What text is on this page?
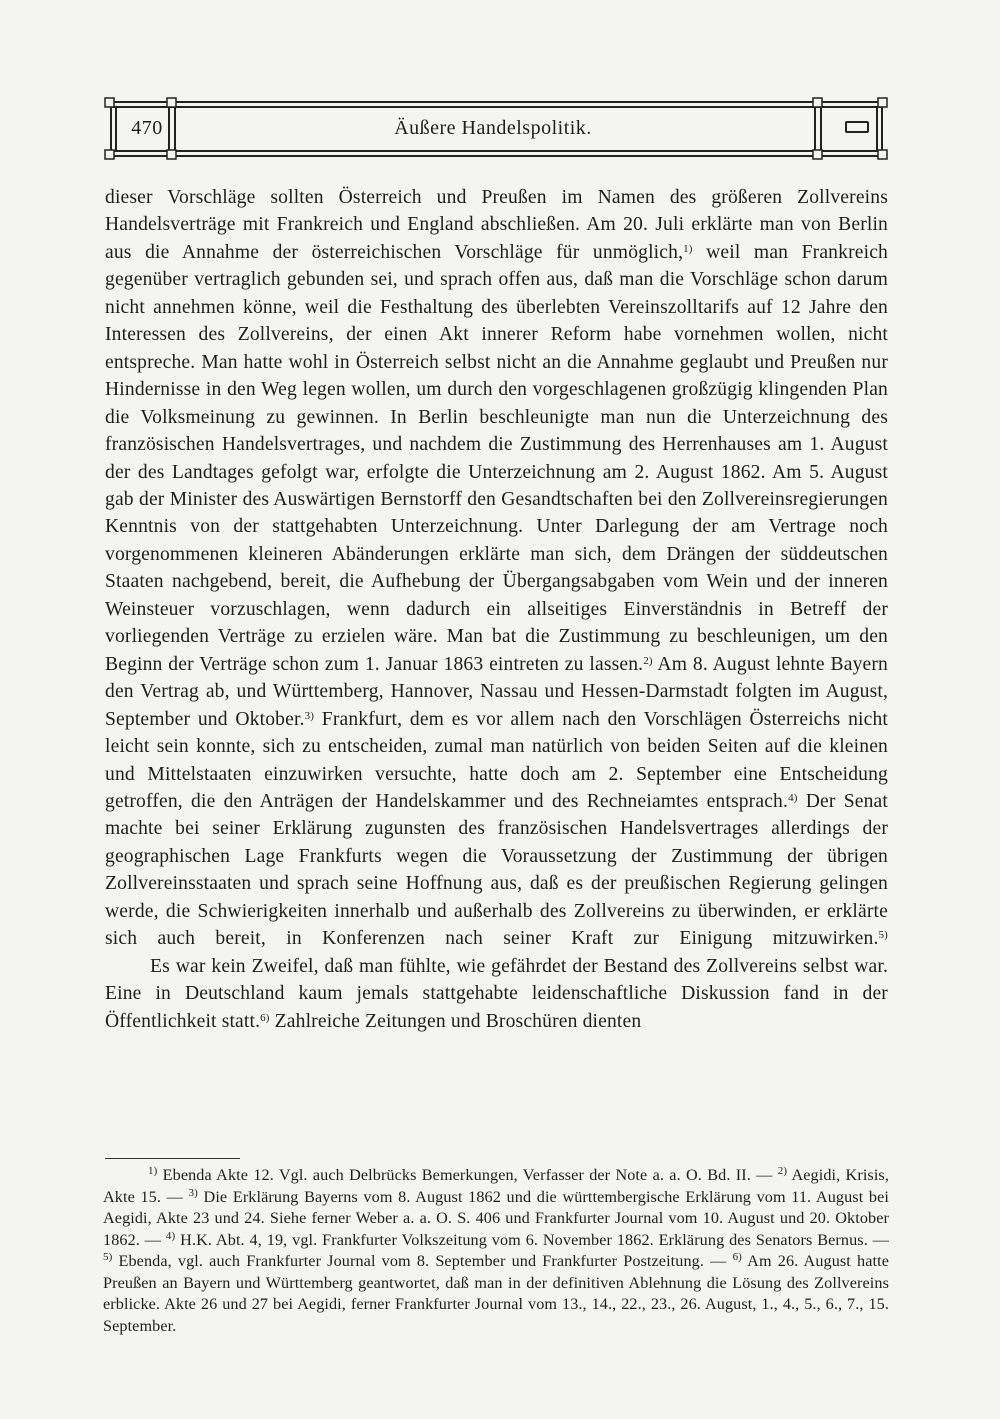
470	Äußere Handelspolitik.

dieser Vorschläge sollten Österreich und Preußen im Namen des größeren Zollvereins Handelsverträge mit Frankreich und England abschließen. Am 20. Juli erklärte man von Berlin aus die Annahme der österreichischen Vorschläge für unmöglich,$^{1)}$ weil man Frankreich gegenüber vertraglich gebunden sei, und sprach offen aus, daß man die Vorschläge schon darum nicht annehmen könne, weil die Festhaltung des überlebten Vereinszolltarifs auf 12 Jahre den Interessen des Zollvereins, der einen Akt innerer Reform habe vornehmen wollen, nicht entspreche. Man hatte wohl in Österreich selbst nicht an die Annahme geglaubt und Preußen nur Hindernisse in den Weg legen wollen, um durch den vorgeschlagenen großzügig klingenden Plan die Volksmeinung zu gewinnen. In Berlin beschleunigte man nun die Unterzeichnung des französischen Handelsvertrages, und nachdem die Zustimmung des Herrenhauses am 1. August der des Landtages gefolgt war, erfolgte die Unterzeichnung am 2. August 1862. Am 5. August gab der Minister des Auswärtigen Bernstorff den Gesandtschaften bei den Zollvereinsregierungen Kenntnis von der stattgehabten Unterzeichnung. Unter Darlegung der am Vertrage noch vorgenommenen kleineren Abänderungen erklärte man sich, dem Drängen der süddeutschen Staaten nachgebend, bereit, die Aufhebung der Übergangsabgaben vom Wein und der inneren Weinsteuer vorzuschlagen, wenn dadurch ein allseitiges Einverständnis in Betreff der vorliegenden Verträge zu erzielen wäre. Man bat die Zustimmung zu beschleunigen, um den Beginn der Verträge schon zum 1. Januar 1863 eintreten zu lassen.$^{2)}$ Am 8. August lehnte Bayern den Vertrag ab, und Württemberg, Hannover, Nassau und Hessen-Darmstadt folgten im August, September und Oktober.$^{3)}$ Frankfurt, dem es vor allem nach den Vorschlägen Österreichs nicht leicht sein konnte, sich zu entscheiden, zumal man natürlich von beiden Seiten auf die kleinen und Mittelstaaten einzuwirken versuchte, hatte doch am 2. September eine Entscheidung getroffen, die den Anträgen der Handelskammer und des Rechneiamtes entsprach.$^{4)}$ Der Senat machte bei seiner Erklärung zugunsten des französischen Handelsvertrages allerdings der geographischen Lage Frankfurts wegen die Voraussetzung der Zustimmung der übrigen Zollvereinsstaaten und sprach seine Hoffnung aus, daß es der preußischen Regierung gelingen werde, die Schwierigkeiten innerhalb und außerhalb des Zollvereins zu überwinden, er erklärte sich auch bereit, in Konferenzen nach seiner Kraft zur Einigung mitzuwirken.$^{5)}$

Es war kein Zweifel, daß man fühlte, wie gefährdet der Bestand des Zollvereins selbst war. Eine in Deutschland kaum jemals stattgehabte leidenschaftliche Diskussion fand in der Öffentlichkeit statt.$^{6)}$ Zahlreiche Zeitungen und Broschüren dienten

$^{1)}$ Ebenda Akte 12. Vgl. auch Delbrücks Bemerkungen, Verfasser der Note a. a. O. Bd. II. — $^{2)}$ Aegidi, Krisis, Akte 15. — $^{3)}$ Die Erklärung Bayerns vom 8. August 1862 und die württembergische Erklärung vom 11. August bei Aegidi, Akte 23 und 24. Siehe ferner Weber a. a. O. S. 406 und Frankfurter Journal vom 10. August und 20. Oktober 1862. — $^{4)}$ H.K. Abt. 4, 19, vgl. Frankfurter Volkszeitung vom 6. November 1862. Erklärung des Senators Bernus. — $^{5)}$ Ebenda, vgl. auch Frankfurter Journal vom 8. September und Frankfurter Postzeitung. — $^{6)}$ Am 26. August hatte Preußen an Bayern und Württemberg geantwortet, daß man in der definitiven Ablehnung die Lösung des Zollvereins erblicke. Akte 26 und 27 bei Aegidi, ferner Frankfurter Journal vom 13., 14., 22., 23., 26. August, 1., 4., 5., 6., 7., 15. September.
